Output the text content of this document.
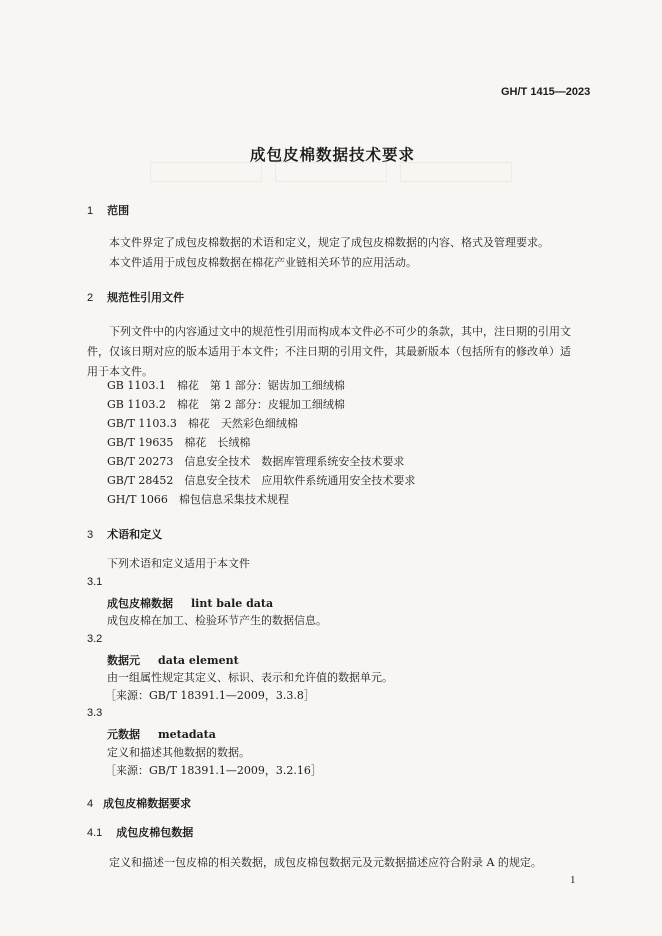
GH/T 1415—2023
成包皮棉数据技术要求
1 范围
本文件界定了成包皮棉数据的术语和定义，规定了成包皮棉数据的内容、格式及管理要求。
本文件适用于成包皮棉数据在棉花产业链相关环节的应用活动。
2 规范性引用文件
下列文件中的内容通过文中的规范性引用而构成本文件必不可少的条款，其中，注日期的引用文件，仅该日期对应的版本适用于本文件；不注日期的引用文件，其最新版本（包括所有的修改单）适用于本文件。
GB 1103.1　棉花　第 1 部分：锯齿加工细绒棉
GB 1103.2　棉花　第 2 部分：皮辊加工细绒棉
GB/T 1103.3　棉花　天然彩色细绒棉
GB/T 19635　棉花　长绒棉
GB/T 20273　信息安全技术　数据库管理系统安全技术要求
GB/T 28452　信息安全技术　应用软件系统通用安全技术要求
GH/T 1066　棉包信息采集技术规程
3 术语和定义
下列术语和定义适用于本文件
3.1
成包皮棉数据 lint bale data
成包皮棉在加工、检验环节产生的数据信息。
3.2
数据元 data element
由一组属性规定其定义、标识、表示和允许值的数据单元。
［来源：GB/T 18391.1—2009，3.3.8］
3.3
元数据 metadata
定义和描述其他数据的数据。
［来源：GB/T 18391.1—2009，3.2.16］
4 成包皮棉数据要求
4.1 成包皮棉包数据
定义和描述一包皮棉的相关数据，成包皮棉包数据元及元数据描述应符合附录 A 的规定。
1
